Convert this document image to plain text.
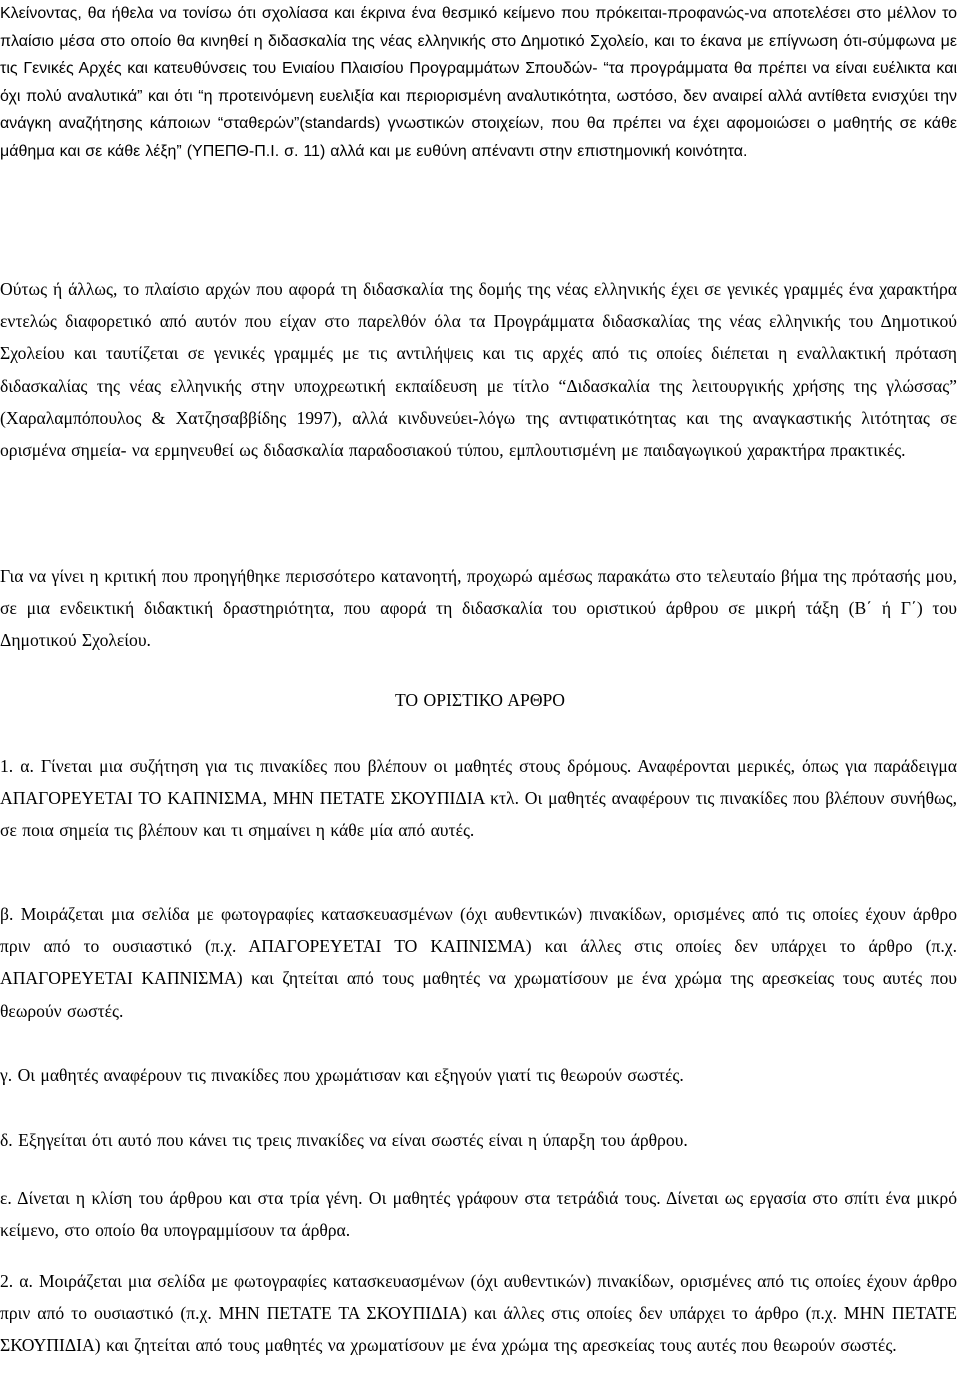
Κλείνοντας, θα ήθελα να τονίσω ότι σχολίασα και έκρινα ένα θεσμικό κείμενο που πρόκειται-προφανώς-να αποτελέσει στο μέλλον το πλαίσιο μέσα στο οποίο θα κινηθεί η διδασκαλία της νέας ελληνικής στο Δημοτικό Σχολείο, και το έκανα με επίγνωση ότι-σύμφωνα με τις Γενικές Αρχές και κατευθύνσεις του Ενιαίου Πλαισίου Προγραμμάτων Σπουδών- “τα προγράμματα θα πρέπει να είναι ευέλικτα και όχι πολύ αναλυτικά” και ότι “η προτεινόμενη ευελιξία και περιορισμένη αναλυτικότητα, ωστόσο, δεν αναιρεί αλλά αντίθετα ενισχύει την ανάγκη αναζήτησης κάποιων “σταθερών”(standards) γνωστικών στοιχείων, που θα πρέπει να έχει αφομοιώσει ο μαθητής σε κάθε μάθημα και σε κάθε λέξη” (ΥΠΕΠΘ-Π.Ι. σ. 11) αλλά και με ευθύνη απέναντι στην επιστημονική κοινότητα.

Ούτως ή άλλως, το πλαίσιο αρχών που αφορά τη διδασκαλία της δομής της νέας ελληνικής έχει σε γενικές γραμμές ένα χαρακτήρα εντελώς διαφορετικό από αυτόν που είχαν στο παρελθόν όλα τα Προγράμματα διδασκαλίας της νέας ελληνικής του Δημοτικού Σχολείου και ταυτίζεται σε γενικές γραμμές με τις αντιλήψεις και τις αρχές από τις οποίες διέπεται η εναλλακτική πρόταση διδασκαλίας της νέας ελληνικής στην υποχρεωτική εκπαίδευση με τίτλο “Διδασκαλία της λειτουργικής χρήσης της γλώσσας” (Χαραλαμπόπουλος & Χατζησαββίδης 1997), αλλά κινδυνεύει-λόγω της αντιφατικότητας και της αναγκαστικής λιτότητας σε ορισμένα σημεία- να ερμηνευθεί ως διδασκαλία παραδοσιακού τύπου, εμπλουτισμένη με παιδαγωγικού χαρακτήρα πρακτικές.

Για να γίνει η κριτική που προηγήθηκε περισσότερο κατανοητή, προχωρώ αμέσως παρακάτω στο τελευταίο βήμα της πρότασής μου, σε μια ενδεικτική διδακτική δραστηριότητα, που αφορά τη διδασκαλία του οριστικού άρθρου σε μικρή τάξη (Β΄ ή Γ΄) του Δημοτικού Σχολείου.

ΤΟ ΟΡΙΣΤΙΚΟ ΑΡΘΡΟ

1. α. Γίνεται μια συζήτηση για τις πινακίδες που βλέπουν οι μαθητές στους δρόμους. Αναφέρονται μερικές, όπως για παράδειγμα ΑΠΑΓΟΡΕΥΕΤΑΙ ΤΟ ΚΑΠΝΙΣΜΑ, ΜΗΝ ΠΕΤΑΤΕ ΣΚΟΥΠΙΔΙΑ κτλ. Οι μαθητές αναφέρουν τις πινακίδες που βλέπουν συνήθως, σε ποια σημεία τις βλέπουν και τι σημαίνει η κάθε μία από αυτές.

β. Μοιράζεται μια σελίδα με φωτογραφίες κατασκευασμένων (όχι αυθεντικών) πινακίδων, ορισμένες από τις οποίες έχουν άρθρο πριν από το ουσιαστικό (π.χ. ΑΠΑΓΟΡΕΥΕΤΑΙ ΤΟ ΚΑΠΝΙΣΜΑ) και άλλες στις οποίες δεν υπάρχει το άρθρο (π.χ. ΑΠΑΓΟΡΕΥΕΤΑΙ ΚΑΠΝΙΣΜΑ) και ζητείται από τους μαθητές να χρωματίσουν με ένα χρώμα της αρεσκείας τους αυτές που θεωρούν σωστές.

γ. Οι μαθητές αναφέρουν τις πινακίδες που χρωμάτισαν και εξηγούν γιατί τις θεωρούν σωστές.

δ. Εξηγείται ότι αυτό που κάνει τις τρεις πινακίδες να είναι σωστές είναι η ύπαρξη του άρθρου.

ε. Δίνεται η κλίση του άρθρου και στα τρία γένη. Οι μαθητές γράφουν στα τετράδιά τους. Δίνεται ως εργασία στο σπίτι ένα μικρό κείμενο, στο οποίο θα υπογραμμίσουν τα άρθρα.

2. α. Μοιράζεται μια σελίδα με φωτογραφίες κατασκευασμένων (όχι αυθεντικών) πινακίδων, ορισμένες από τις οποίες έχουν άρθρο πριν από το ουσιαστικό (π.χ. ΜΗΝ ΠΕΤΑΤΕ ΤΑ ΣΚΟΥΠΙΔΙΑ) και άλλες στις οποίες δεν υπάρχει το άρθρο (π.χ. ΜΗΝ ΠΕΤΑΤΕ ΣΚΟΥΠΙΔΙΑ) και ζητείται από τους μαθητές να χρωματίσουν με ένα χρώμα της αρεσκείας τους αυτές που θεωρούν σωστές.
